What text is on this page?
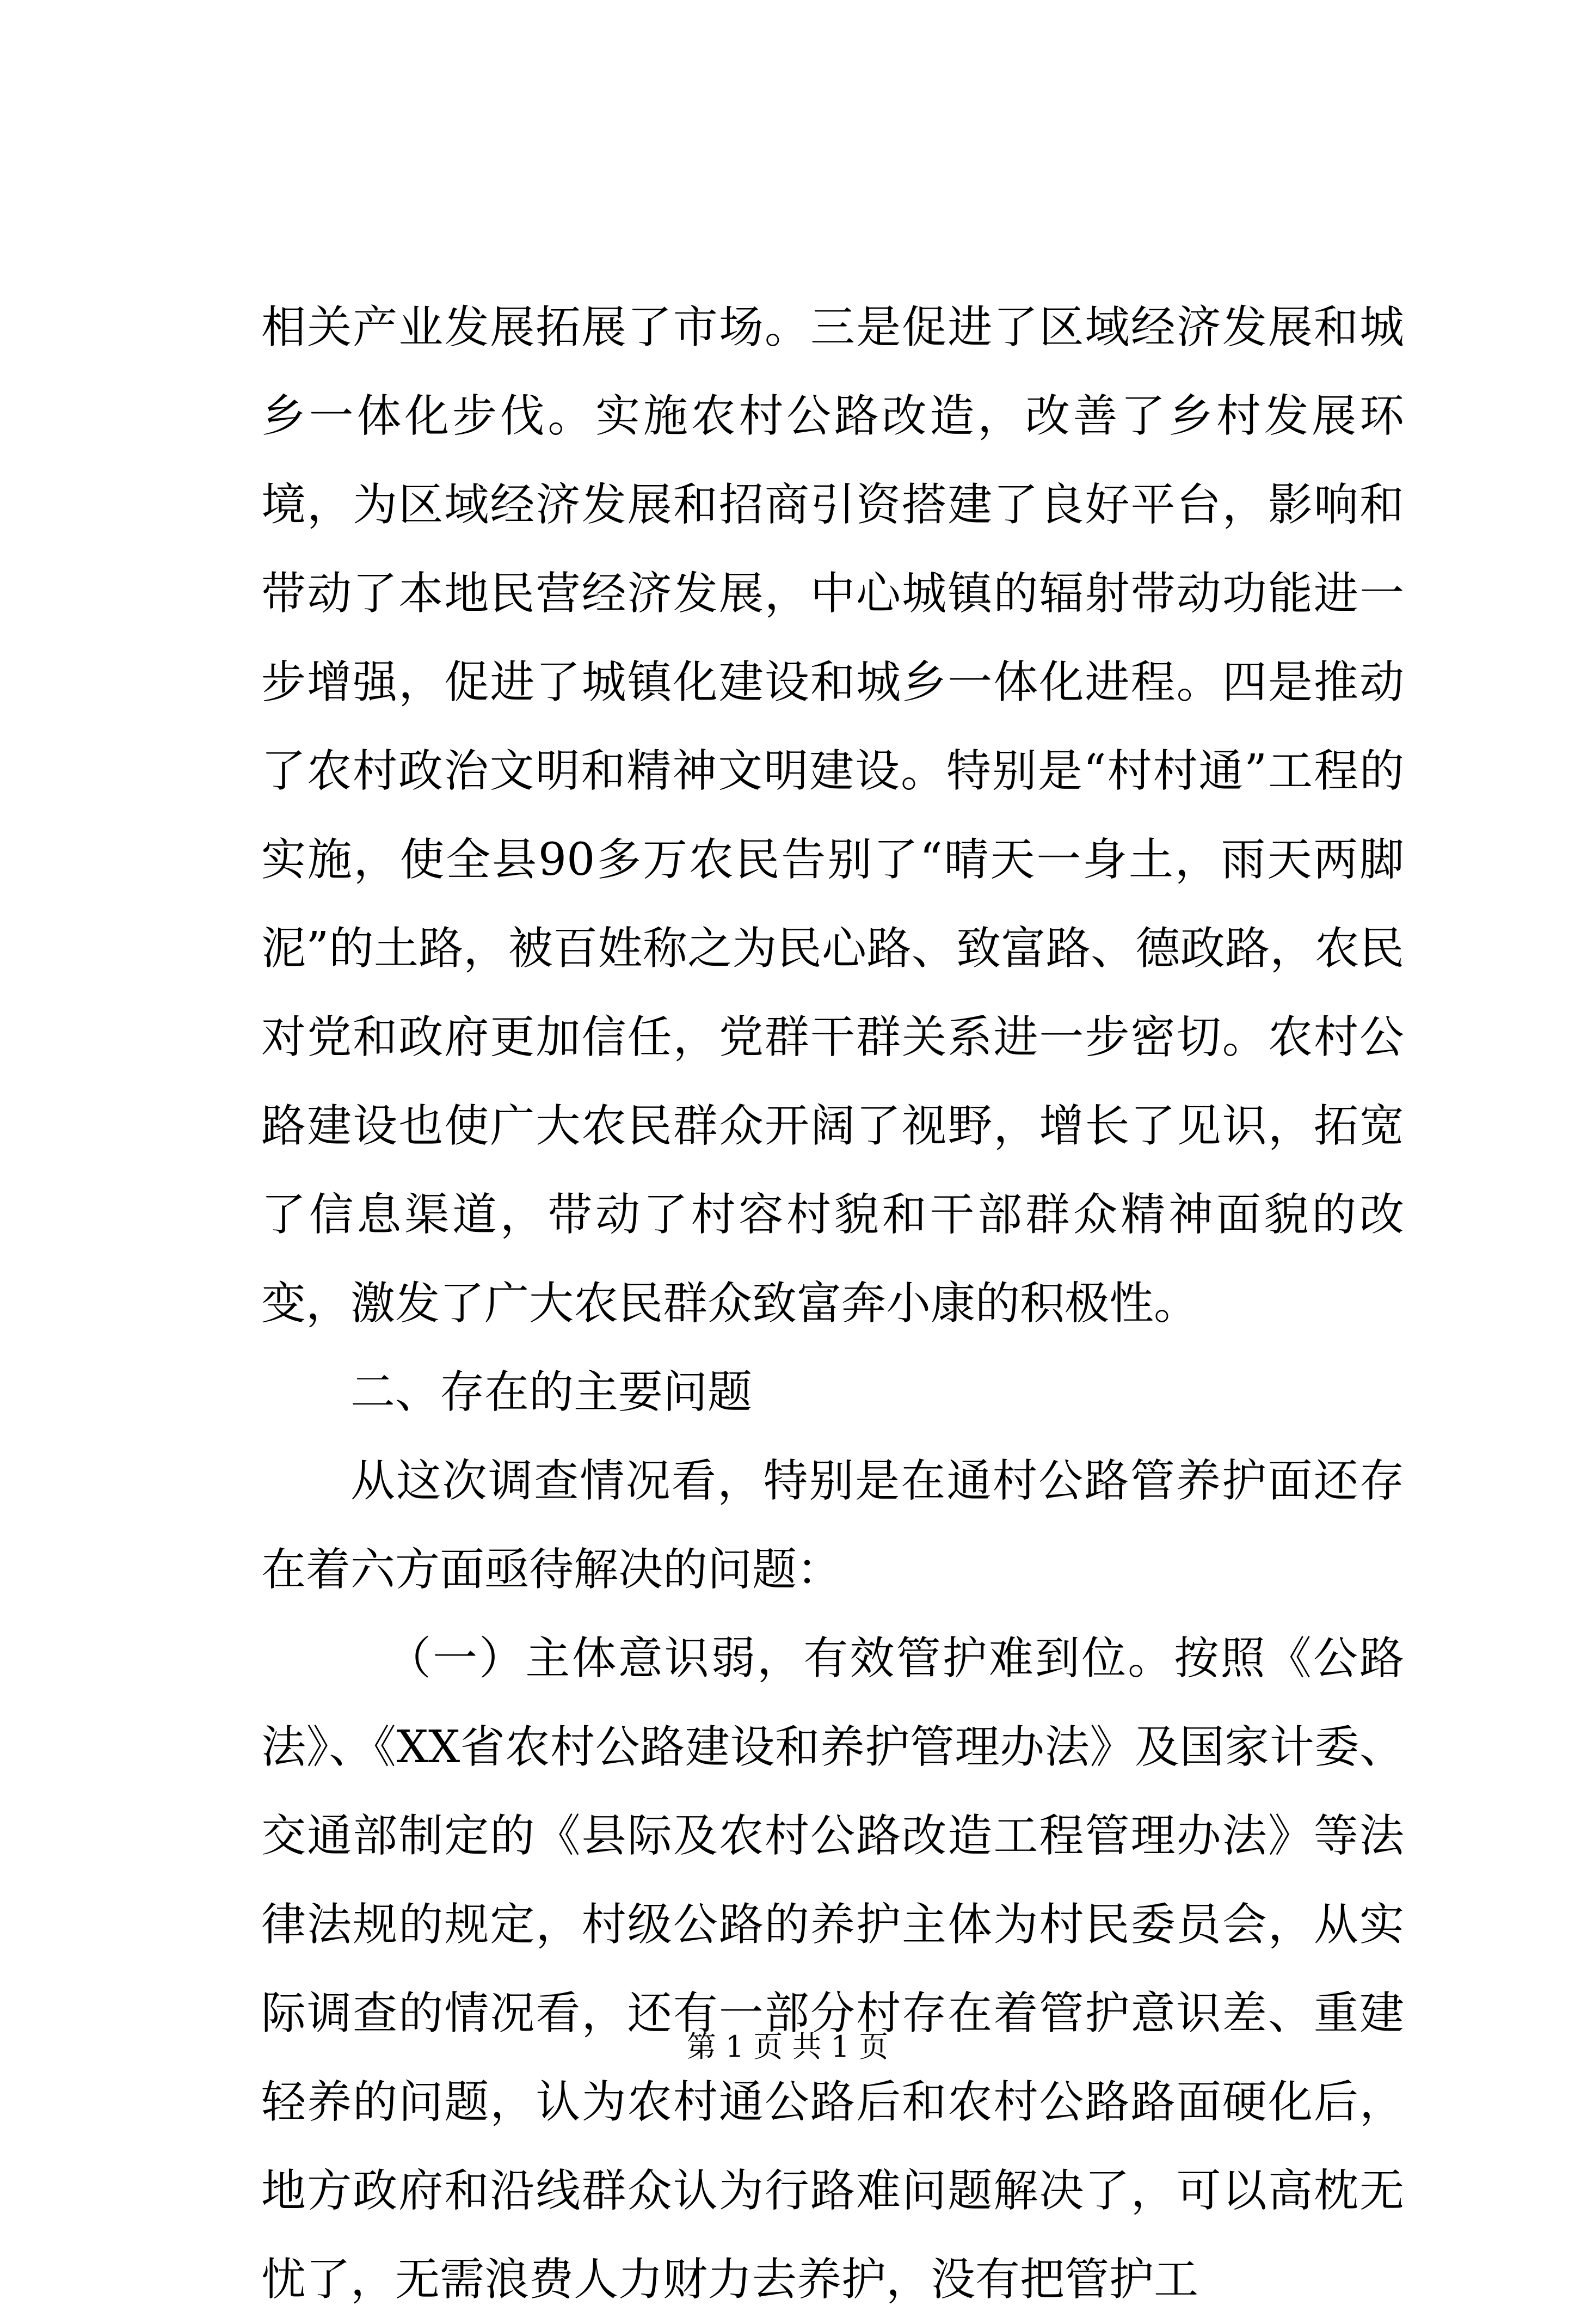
相关产业发展拓展了市场。三是促进了区域经济发展和城乡一体化步伐。实施农村公路改造，改善了乡村发展环境，为区域经济发展和招商引资搭建了良好平台，影响和带动了本地民营经济发展，中心城镇的辐射带动功能进一步增强，促进了城镇化建设和城乡一体化进程。四是推动了农村政治文明和精神文明建设。特别是“村村通”工程的实施，使全县90多万农民告别了“晴天一身土，雨天两脚泥”的土路，被百姓称之为民心路、致富路、德政路，农民对党和政府更加信任，党群干群关系进一步密切。农村公路建设也使广大农民群众开阔了视野，增长了见识，拓宽了信息渠道，带动了村容村貌和干部群众精神面貌的改变，激发了广大农民群众致富奔小康的积极性。

二、存在的主要问题

从这次调查情况看，特别是在通村公路管养护面还存在着六方面亟待解决的问题：

（一）主体意识弱，有效管护难到位。按照《公路法》、《XX省农村公路建设和养护管理办法》及国家计委、交通部制定的《县际及农村公路改造工程管理办法》等法律法规的规定，村级公路的养护主体为村民委员会，从实际调查的情况看，还有一部分村存在着管护意识差、重建轻养的问题，认为农村通公路后和农村公路路面硬化后，地方政府和沿线群众认为行路难问题解决了，可以高枕无忧了，无需浪费人力财力去养护，没有把管护工

第 1 页 共 1 页
